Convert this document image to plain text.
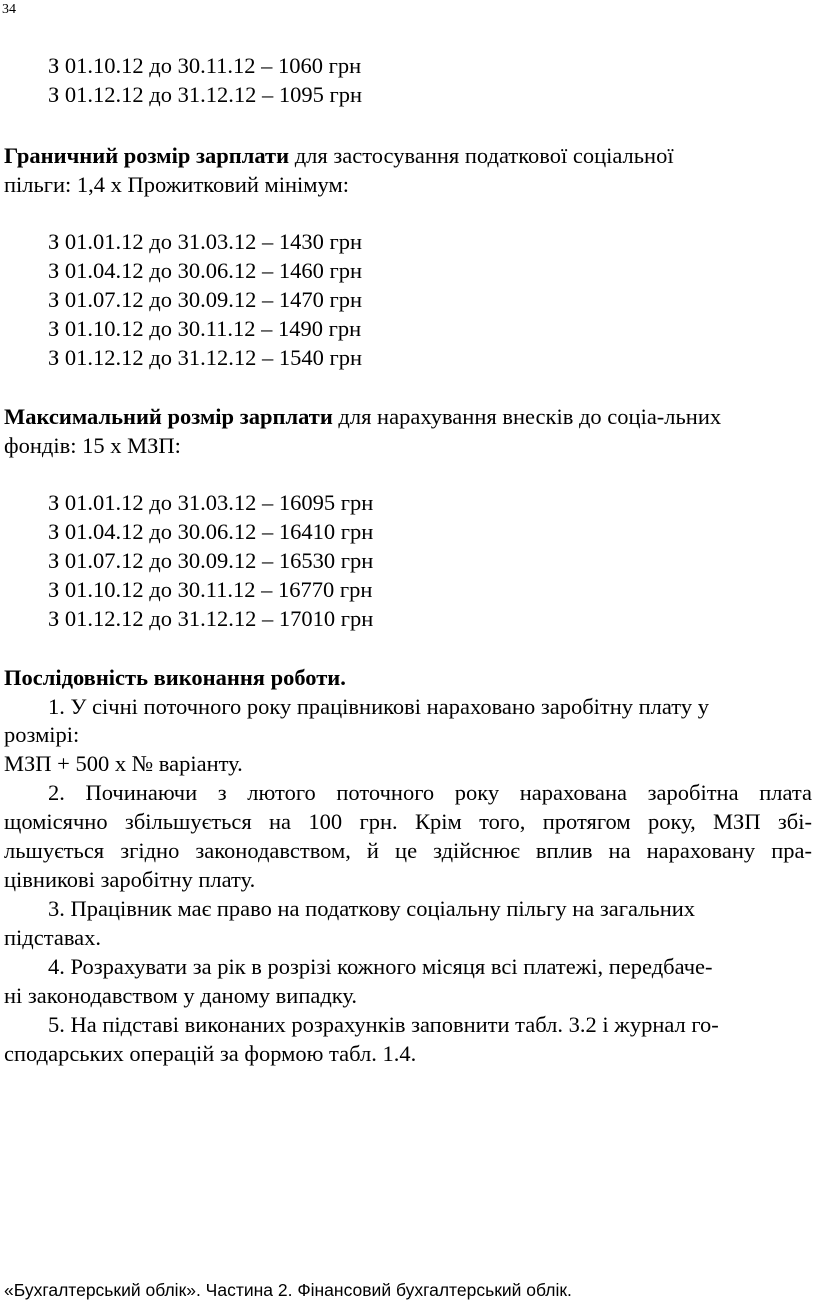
34
З 01.10.12 до 30.11.12 – 1060 грн
З 01.12.12 до 31.12.12 – 1095 грн
Граничний розмір зарплати для застосування податкової соціальної
пільги: 1,4 х Прожитковий мінімум:
З 01.01.12 до 31.03.12 – 1430 грн
З 01.04.12 до 30.06.12 – 1460 грн
З 01.07.12 до 30.09.12 – 1470 грн
З 01.10.12 до 30.11.12 – 1490 грн
З 01.12.12 до 31.12.12 – 1540 грн
Максимальний розмір зарплати для нарахування внесків до соціа-льних
фондів: 15 х МЗП:
З 01.01.12 до 31.03.12 – 16095 грн
З 01.04.12 до 30.06.12 – 16410 грн
З 01.07.12 до 30.09.12 – 16530 грн
З 01.10.12 до 30.11.12 – 16770 грн
З 01.12.12 до 31.12.12 – 17010 грн
Послідовність виконання роботи.
1. У січні поточного року працівникові нараховано заробітну плату у
розмірі:
МЗП + 500 х № варіанту.
2. Починаючи з лютого поточного року нарахована заробітна плата
щомісячно збільшується на 100 грн. Крім того, протягом року, МЗП збі-
льшується згідно законодавством, й це здійснює вплив на нараховану пра-
цівникові заробітну плату.
3. Працівник має право на податкову соціальну пільгу на загальних
підставах.
4. Розрахувати за рік в розрізі кожного місяця всі платежі, передбаче-
ні законодавством у даному випадку.
5. На підставі виконаних розрахунків заповнити табл. 3.2 і журнал го-
сподарських операцій за формою табл. 1.4.
«Бухгалтерський облік». Частина 2. Фінансовий бухгалтерський облік.
